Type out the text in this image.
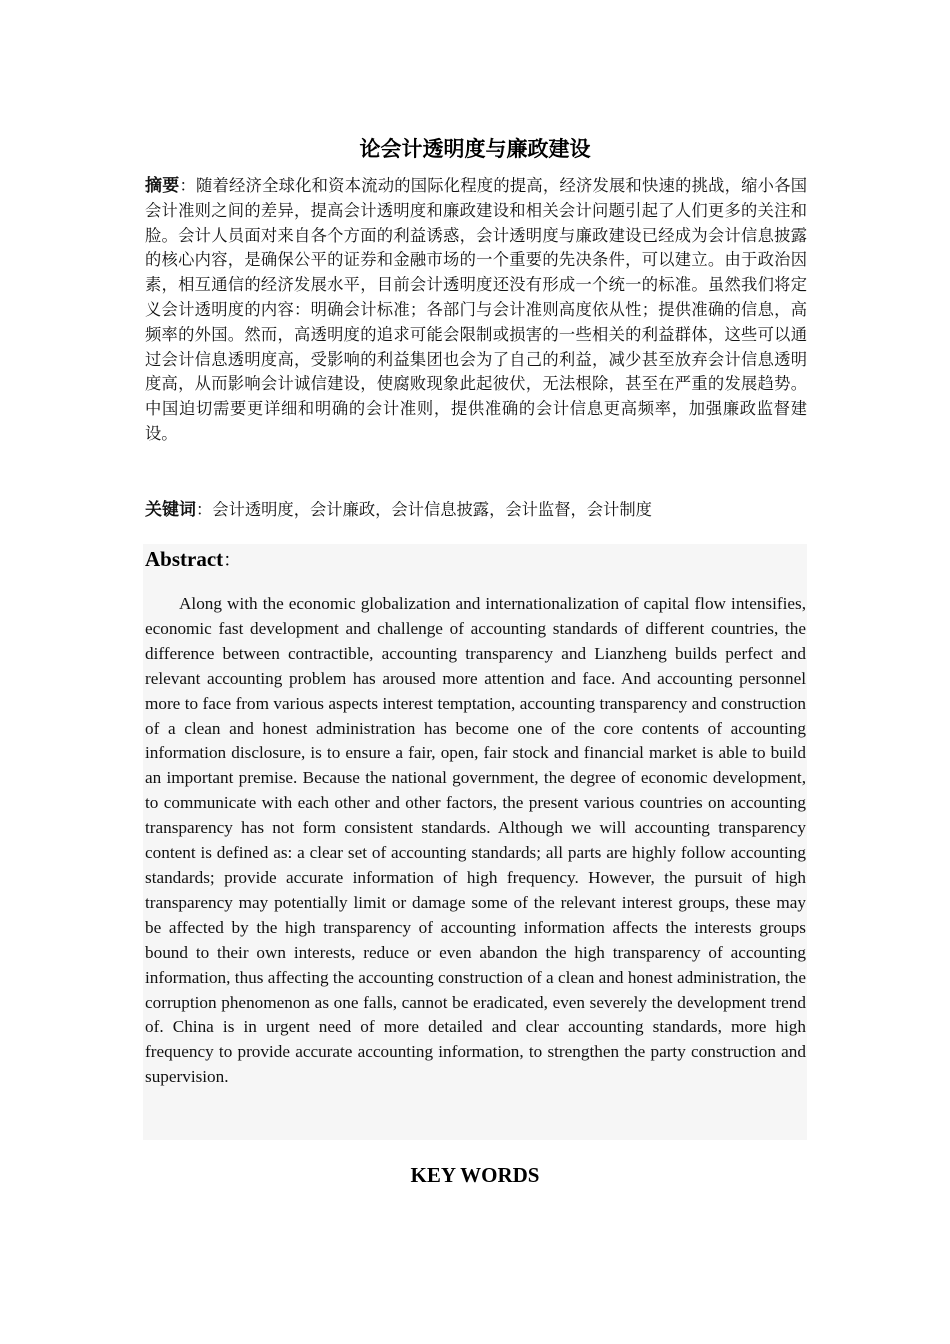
论会计透明度与廉政建设
摘要：随着经济全球化和资本流动的国际化程度的提高，经济发展和快速的挑战，缩小各国会计准则之间的差异，提高会计透明度和廉政建设和相关会计问题引起了人们更多的关注和脸。会计人员面对来自各个方面的利益诱惑，会计透明度与廉政建设已经成为会计信息披露的核心内容，是确保公平的证券和金融市场的一个重要的先决条件，可以建立。由于政治因素，相互通信的经济发展水平，目前会计透明度还没有形成一个统一的标准。虽然我们将定义会计透明度的内容：明确会计标准；各部门与会计准则高度依从性；提供准确的信息，高频率的外国。然而，高透明度的追求可能会限制或损害的一些相关的利益群体，这些可以通过会计信息透明度高，受影响的利益集团也会为了自己的利益，减少甚至放弃会计信息透明度高，从而影响会计诚信建设，使腐败现象此起彼伏，无法根除，甚至在严重的发展趋势。中国迫切需要更详细和明确的会计准则，提供准确的会计信息更高频率，加强廉政监督建设。
关键词：会计透明度，会计廉政，会计信息披露，会计监督，会计制度
Abstract：
Along with the economic globalization and internationalization of capital flow intensifies, economic fast development and challenge of accounting standards of different countries, the difference between contractible, accounting transparency and Lianzheng builds perfect and relevant accounting problem has aroused more attention and face. And accounting personnel more to face from various aspects interest temptation, accounting transparency and construction of a clean and honest administration has become one of the core contents of accounting information disclosure, is to ensure a fair, open, fair stock and financial market is able to build an important premise. Because the national government, the degree of economic development, to communicate with each other and other factors, the present various countries on accounting transparency has not form consistent standards. Although we will accounting transparency content is defined as: a clear set of accounting standards; all parts are highly follow accounting standards; provide accurate information of high frequency. However, the pursuit of high transparency may potentially limit or damage some of the relevant interest groups, these may be affected by the high transparency of accounting information affects the interests groups bound to their own interests, reduce or even abandon the high transparency of accounting information, thus affecting the accounting construction of a clean and honest administration, the corruption phenomenon as one falls, cannot be eradicated, even severely the development trend of. China is in urgent need of more detailed and clear accounting standards, more high frequency to provide accurate accounting information, to strengthen the party construction and supervision.
KEY WORDS
